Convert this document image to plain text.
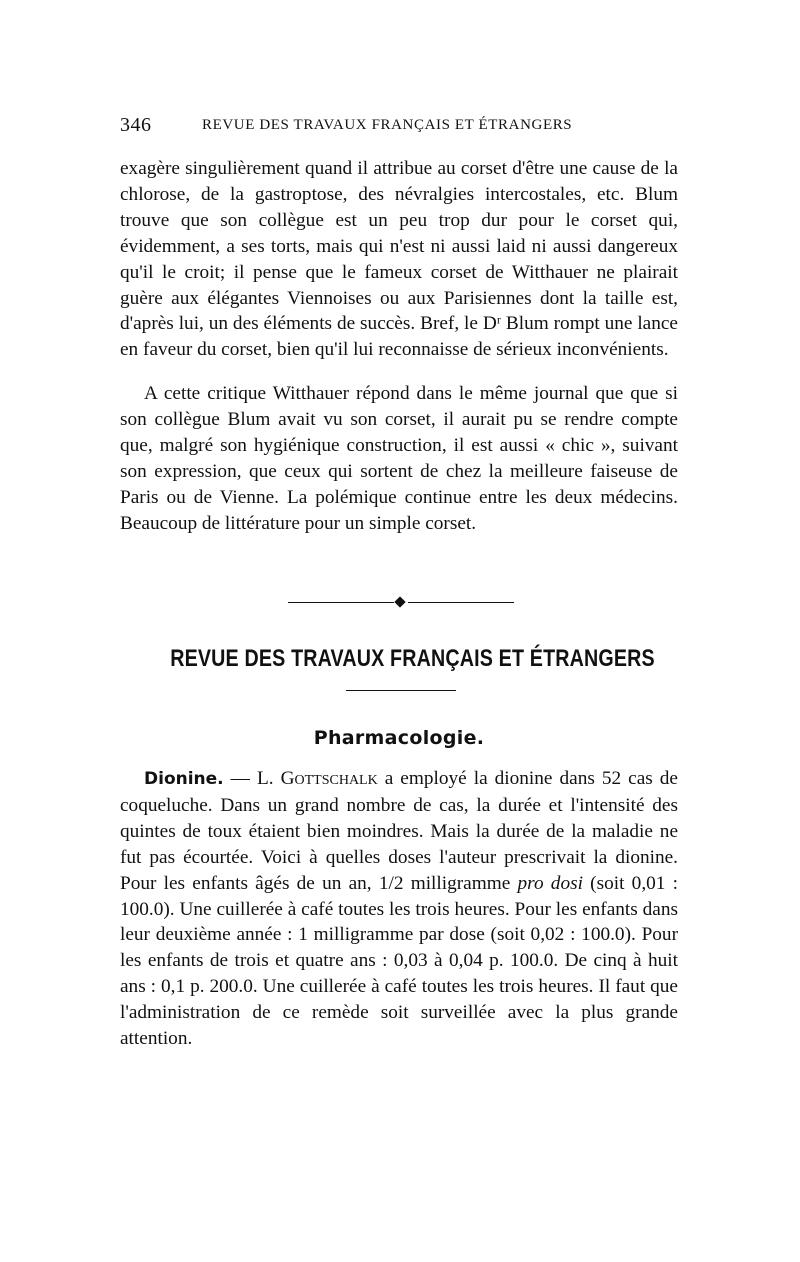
346	REVUE DES TRAVAUX FRANÇAIS ET ÉTRANGERS

exagère singulièrement quand il attribue au corset d'être une cause de la chlorose, de la gastroptose, des névralgies intercostales, etc. Blum trouve que son collègue est un peu trop dur pour le corset qui, évidemment, a ses torts, mais qui n'est ni aussi laid ni aussi dangereux qu'il le croit; il pense que le fameux corset de Witthauer ne plairait guère aux élégantes Viennoises ou aux Parisiennes dont la taille est, d'après lui, un des éléments de succès. Bref, le Dʳ Blum rompt une lance en faveur du corset, bien qu'il lui reconnaisse de sérieux inconvénients.

A cette critique Witthauer répond dans le même journal que que si son collègue Blum avait vu son corset, il aurait pu se rendre compte que, malgré son hygiénique construction, il est aussi « chic », suivant son expression, que ceux qui sortent de chez la meilleure faiseuse de Paris ou de Vienne. La polémique continue entre les deux médecins. Beaucoup de littérature pour un simple corset.

REVUE DES TRAVAUX FRANÇAIS ET ÉTRANGERS
Pharmacologie.

Dionine. — L. Gottschalk a employé la dionine dans 52 cas de coqueluche. Dans un grand nombre de cas, la durée et l'intensité des quintes de toux étaient bien moindres. Mais la durée de la maladie ne fut pas écourtée. Voici à quelles doses l'auteur prescrivait la dionine. Pour les enfants âgés de un an, 1/2 milligramme pro dosi (soit 0,01 : 100.0). Une cuillerée à café toutes les trois heures. Pour les enfants dans leur deuxième année : 1 milligramme par dose (soit 0,02 : 100.0). Pour les enfants de trois et quatre ans : 0,03 à 0,04 p. 100.0. De cinq à huit ans : 0,1 p. 200.0. Une cuillerée à café toutes les trois heures. Il faut que l'administration de ce remède soit surveillée avec la plus grande attention.
